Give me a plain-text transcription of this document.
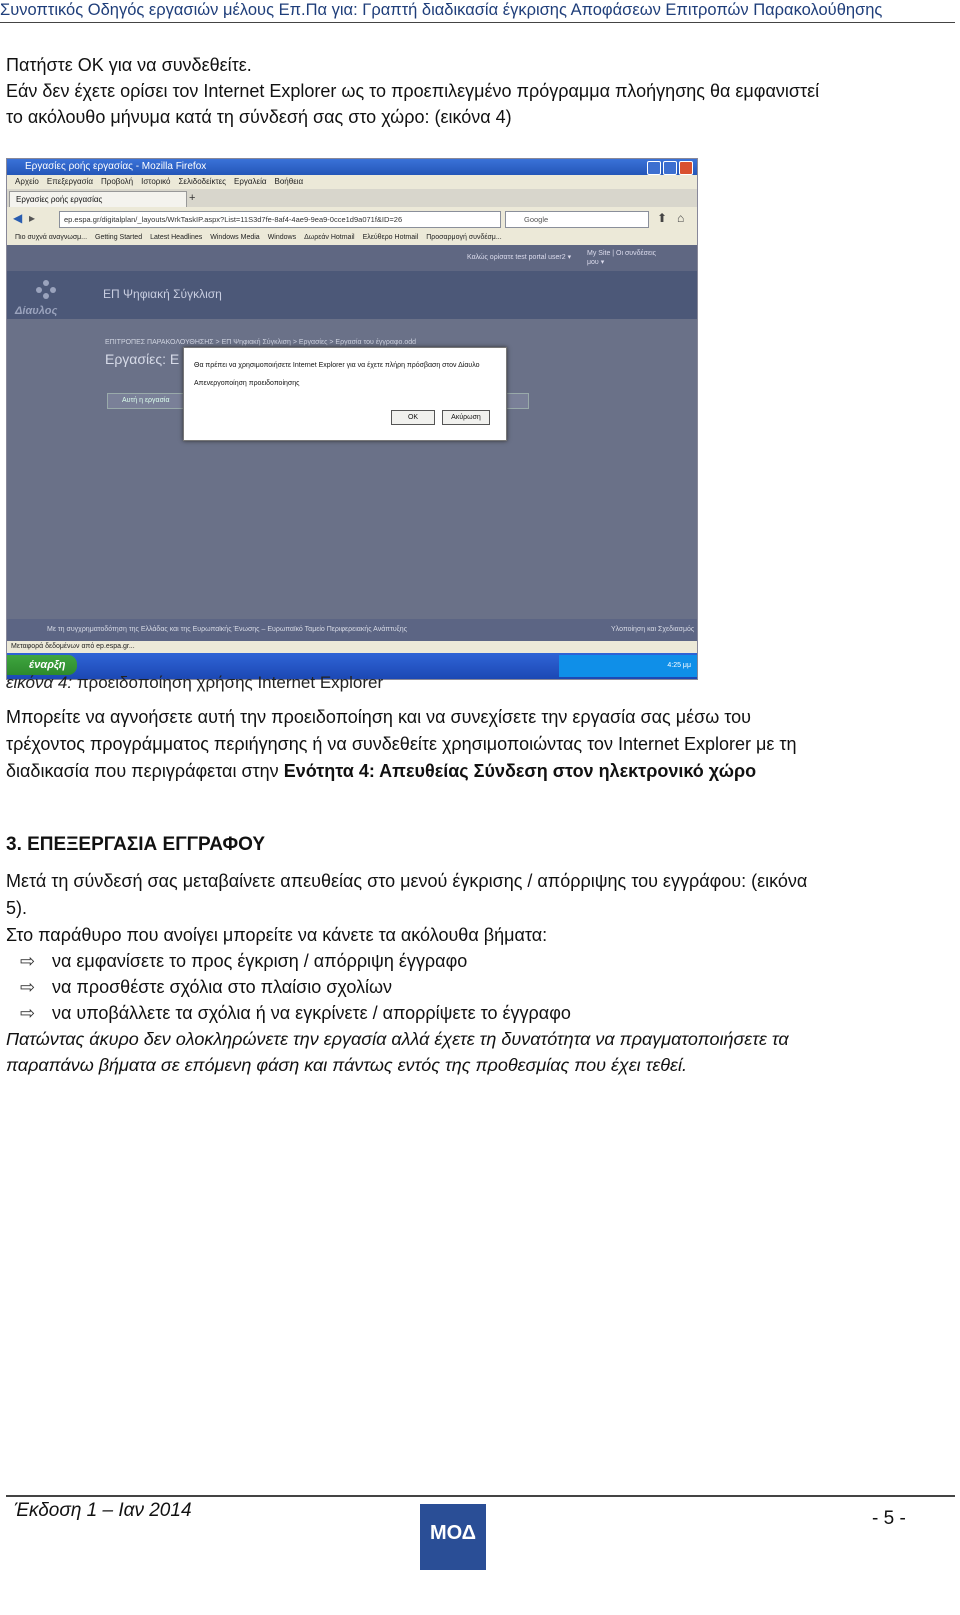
Συνοπτικός Οδηγός εργασιών μέλους Επ.Πα για: Γραπτή διαδικασία έγκρισης Αποφάσεων Επιτροπών Παρακολούθησης
Πατήστε ΟΚ για να συνδεθείτε.
Εάν δεν έχετε ορίσει τον Internet Explorer ως το προεπιλεγμένο πρόγραμμα πλοήγησης θα εμφανιστεί
το ακόλουθο μήνυμα κατά τη σύνδεσή σας στο χώρο: (εικόνα 4)
Εργασίες ροής εργασίας - Mozilla Firefox
Αρχείο Επεξεργασία Προβολή Ιστορικό Σελιδοδείκτες Εργαλεία Βοήθεια
Εργασίες ροής εργασίας	+
◀ ▸	ep.espa.gr/digitalplan/_layouts/WrkTaskIP.aspx?List=11S3d7fe-8af4-4ae9-9ea9-0cce1d9a071f&ID=26	Google	⬆ ⌂
Πιο συχνά αναγνωσμ... Getting Started Latest Headlines Windows Media Windows Δωρεάν Hotmail Ελεύθερο Hotmail Προσαρμογή συνδέσμ...
Καλώς ορίσατε test portal user2 ▾
My Site | Οι συνδέσεις μου ▾
Δίαυλος
ΕΠ Ψηφιακή Σύγκλιση
ΕΠΙΤΡΟΠΕΣ ΠΑΡΑΚΟΛΟΥΘΗΣΗΣ > ΕΠ Ψηφιακή Σύγκλιση > Εργασίες > Εργασία του έγγραφο.odd
Εργασίες: Ε
Αυτή η εργασία
Θα πρέπει να χρησιμοποιήσετε Internet Explorer για να έχετε πλήρη πρόσβαση στον Δίαυλο
Απενεργοποίηση προειδοποίησης
OK	Ακύρωση
Με τη συγχρηματοδότηση της Ελλάδας και της Ευρωπαϊκής Ένωσης – Ευρωπαϊκό Ταμείο Περιφερειακής Ανάπτυξης	Υλοποίηση και Σχεδιασμός
Μεταφορά δεδομένων από ep.espa.gr...
έναρξη	4:25 μμ
εικόνα 4: προειδοποίηση χρήσης Internet Explorer
Μπορείτε να αγνοήσετε αυτή την προειδοποίηση και να συνεχίσετε την εργασία σας μέσω του
τρέχοντος προγράμματος περιήγησης ή να συνδεθείτε χρησιμοποιώντας τον Internet Explorer με τη
διαδικασία που περιγράφεται στην Ενότητα 4: Απευθείας Σύνδεση στον ηλεκτρονικό χώρο
3. ΕΠΕΞΕΡΓΑΣΙΑ ΕΓΓΡΑΦΟΥ
Μετά τη σύνδεσή σας μεταβαίνετε απευθείας στο μενού έγκρισης / απόρριψης του εγγράφου: (εικόνα
5).
Στο παράθυρο που ανοίγει μπορείτε να κάνετε τα ακόλουθα βήματα:
⇨ να εμφανίσετε το προς έγκριση / απόρριψη έγγραφο
⇨ να προσθέστε σχόλια στο πλαίσιο σχολίων
⇨ να υποβάλλετε τα σχόλια ή να εγκρίνετε / απορρίψετε το έγγραφο
Πατώντας άκυρο δεν ολοκληρώνετε την εργασία αλλά έχετε τη δυνατότητα να πραγματοποιήσετε τα
παραπάνω βήματα σε επόμενη φάση και πάντως εντός της προθεσμίας που έχει τεθεί.
Έκδοση 1 – Ιαν 2014
ΜΟΔ
- 5 -
